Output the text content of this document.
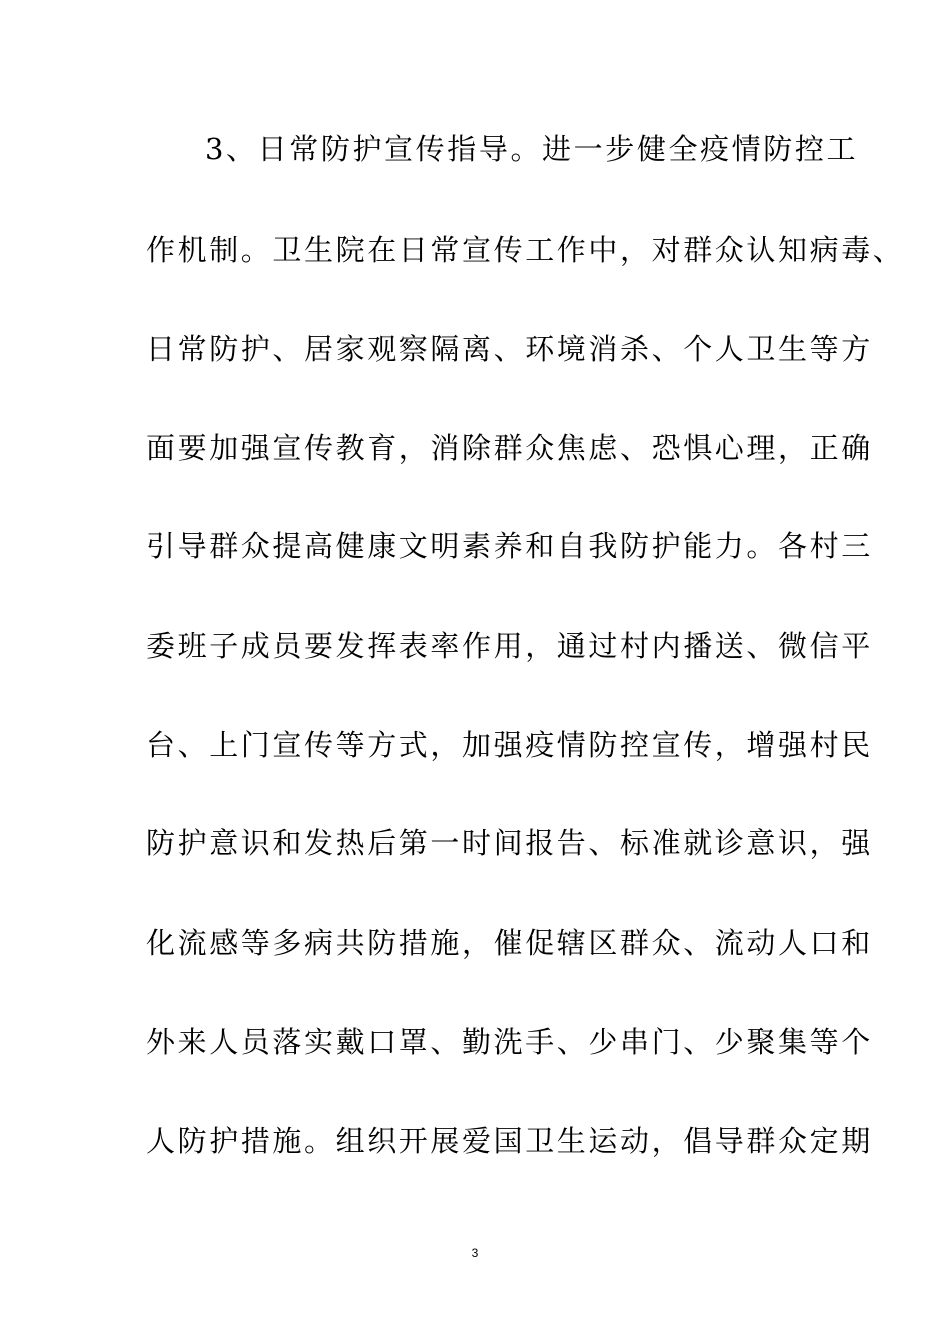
3、日常防护宣传指导。进一步健全疫情防控工
作机制。卫生院在日常宣传工作中，对群众认知病毒、
日常防护、居家观察隔离、环境消杀、个人卫生等方
面要加强宣传教育，消除群众焦虑、恐惧心理，正确
引导群众提高健康文明素养和自我防护能力。各村三
委班子成员要发挥表率作用，通过村内播送、微信平
台、上门宣传等方式，加强疫情防控宣传，增强村民
防护意识和发热后第一时间报告、标准就诊意识，强
化流感等多病共防措施，催促辖区群众、流动人口和
外来人员落实戴口罩、勤洗手、少串门、少聚集等个
人防护措施。组织开展爱国卫生运动，倡导群众定期
3
